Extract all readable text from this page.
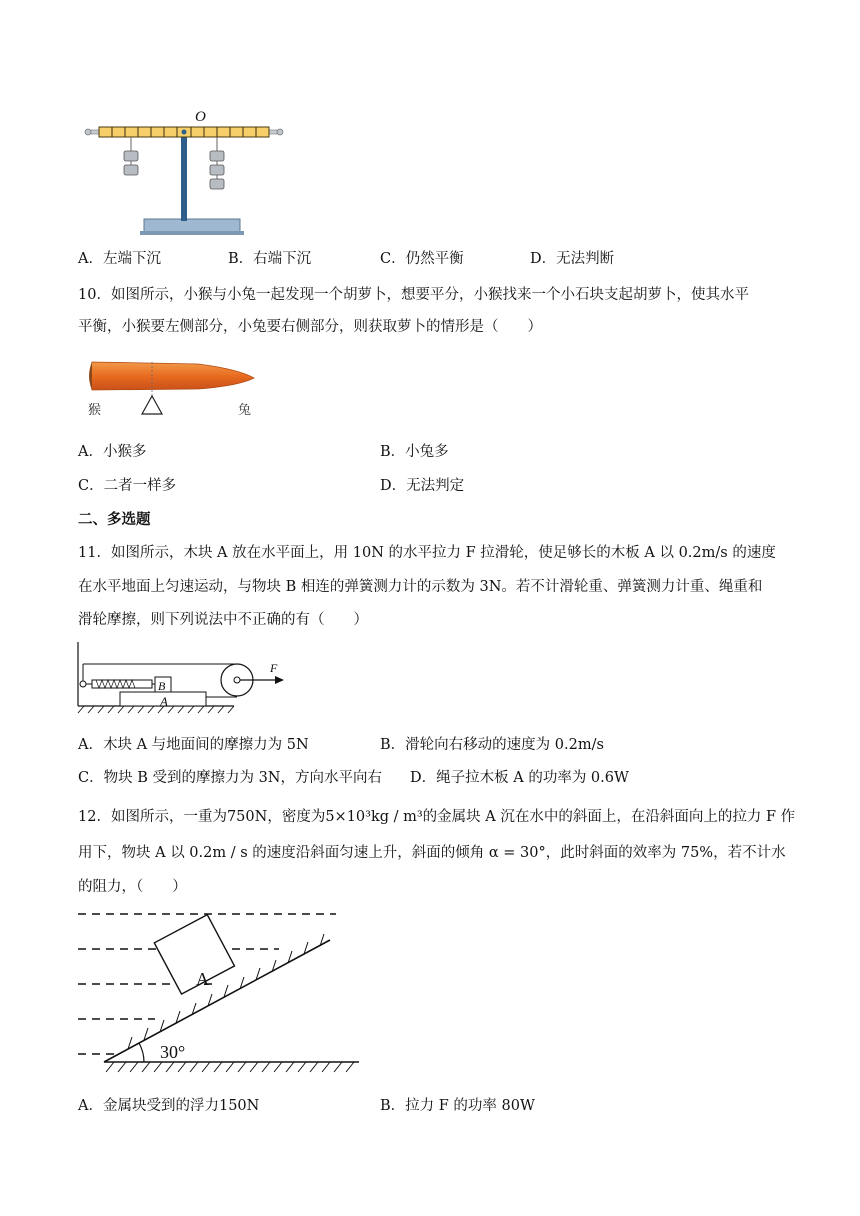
O
A．左端下沉	B．右端下沉	C．仍然平衡	D．无法判断
10．如图所示，小猴与小兔一起发现一个胡萝卜，想要平分，小猴找来一个小石块支起胡萝卜，使其水平
平衡，小猴要左侧部分，小兔要右侧部分，则获取萝卜的情形是（　　）
猴	兔
A．小猴多	B．小兔多
C．二者一样多	D．无法判定
二、多选题
11．如图所示，木块 A 放在水平面上，用 10N 的水平拉力 F 拉滑轮，使足够长的木板 A 以 0.2m/s 的速度
在水平地面上匀速运动，与物块 B 相连的弹簧测力计的示数为 3N。若不计滑轮重、弹簧测力计重、绳重和
滑轮摩擦，则下列说法中不正确的有（　　）
A
B
F
A．木块 A 与地面间的摩擦力为 5N	B．滑轮向右移动的速度为 0.2m/s
C．物块 B 受到的摩擦力为 3N，方向水平向右 D．绳子拉木板 A 的功率为 0.6W
12．如图所示，一重为750N，密度为5×10³kg / m³的金属块 A 沉在水中的斜面上，在沿斜面向上的拉力 F 作
用下，物块 A 以 0.2m / s 的速度沿斜面匀速上升，斜面的倾角 α = 30°，此时斜面的效率为 75%，若不计水
的阻力，（　　）
A
30°
A．金属块受到的浮力150N	B．拉力 F 的功率 80W
